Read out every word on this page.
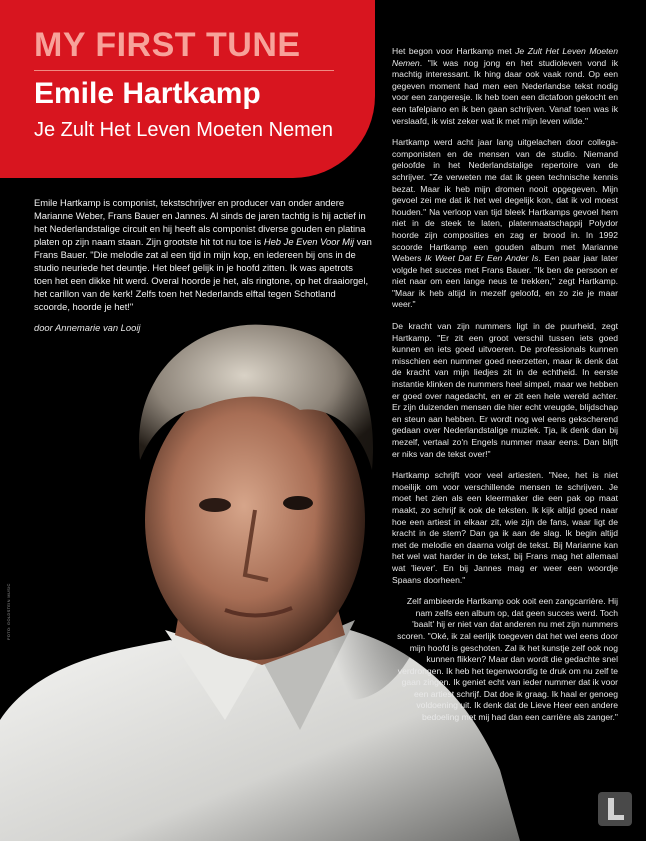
MY FIRST TUNE
Emile Hartkamp

Je Zult Het Leven Moeten Nemen

Emile Hartkamp is componist, tekstschrijver en producer van onder andere Marianne Weber, Frans Bauer en Jannes. Al sinds de jaren tachtig is hij actief in het Nederlandstalige circuit en hij heeft als componist diverse gouden en platina platen op zijn naam staan. Zijn grootste hit tot nu toe is Heb Je Even Voor Mij van Frans Bauer. "Die melodie zat al een tijd in mijn kop, en iedereen bij ons in de studio neuriede het deuntje. Het bleef gelijk in je hoofd zitten. Ik was apetrots toen het een dikke hit werd. Overal hoorde je het, als ringtone, op het draaiorgel, het carillon van de kerk! Zelfs toen het Nederlands elftal tegen Schotland scoorde, hoorde je het!"

door Annemarie van Looij

Het begon voor Hartkamp met Je Zult Het Leven Moeten Nemen. "Ik was nog jong en het studioleven vond ik machtig interessant. Ik hing daar ook vaak rond. Op een gegeven moment had men een Nederlandse tekst nodig voor een zangeresje. Ik heb toen een dictafoon gekocht en een tafelpiano en ik ben gaan schrijven. Vanaf toen was ik verslaafd, ik wist zeker wat ik met mijn leven wilde."

Hartkamp werd acht jaar lang uitgelachen door collega-componisten en de mensen van de studio. Niemand geloofde in het Nederlandstalige repertoire van de schrijver. "Ze verweten me dat ik geen technische kennis bezat. Maar ik heb mijn dromen nooit opgegeven. Mijn gevoel zei me dat ik het wel degelijk kon, dat ik vol moest houden." Na verloop van tijd bleek Hartkamps gevoel hem niet in de steek te laten, platenmaatschappij Polydor hoorde zijn composities en zag er brood in. In 1992 scoorde Hartkamp een gouden album met Marianne Webers Ik Weet Dat Er Een Ander Is. Een paar jaar later volgde het succes met Frans Bauer. "Ik ben de persoon er niet naar om een lange neus te trekken," zegt Hartkamp. "Maar ik heb altijd in mezelf geloofd, en zo zie je maar weer."

De kracht van zijn nummers ligt in de puurheid, zegt Hartkamp. "Er zit een groot verschil tussen iets goed kunnen en iets goed uitvoeren. De professionals kunnen misschien een nummer goed neerzetten, maar ik denk dat de kracht van mijn liedjes zit in de echtheid. In eerste instantie klinken de nummers heel simpel, maar we hebben er goed over nagedacht, en er zit een hele wereld achter. Er zijn duizenden mensen die hier echt vreugde, blijdschap en steun aan hebben. Er wordt nog wel eens gekscherend gedaan over Nederlandstalige muziek. Tja, ik denk dan bij mezelf, vertaal zo'n Engels nummer maar eens. Dan blijft er niks van de tekst over!"

Hartkamp schrijft voor veel artiesten. "Nee, het is niet moeilijk om voor verschillende mensen te schrijven. Je moet het zien als een kleermaker die een pak op maat maakt, zo schrijf ik ook de teksten. Ik kijk altijd goed naar hoe een artiest in elkaar zit, wie zijn de fans, waar ligt de kracht in de stem? Dan ga ik aan de slag. Ik begin altijd met de melodie en daarna volgt de tekst. Bij Marianne kan het wel wat harder in de tekst, bij Frans mag het allemaal wat 'liever'. En bij Jannes mag er weer een woordje Spaans doorheen."

Zelf ambieerde Hartkamp ook ooit een zangcarrière. Hij nam zelfs een album op, dat geen succes werd. Toch 'baalt' hij er niet van dat anderen nu met zijn nummers scoren. "Oké, ik zal eerlijk toegeven dat het wel eens door mijn hoofd is geschoten. Zal ik het kunstje zelf ook nog kunnen flikken? Maar dan wordt die gedachte snel verdrongen. Ik heb het tegenwoordig te druk om nu zelf te gaan zingen. Ik geniet echt van ieder nummer dat ik voor een artiest schrijf. Dat doe ik graag. Ik haal er genoeg voldoening uit. Ik denk dat de Lieve Heer een andere bedoeling met mij had dan een carrière als zanger."

FOTO: GOLDSTEIN MUSIC
